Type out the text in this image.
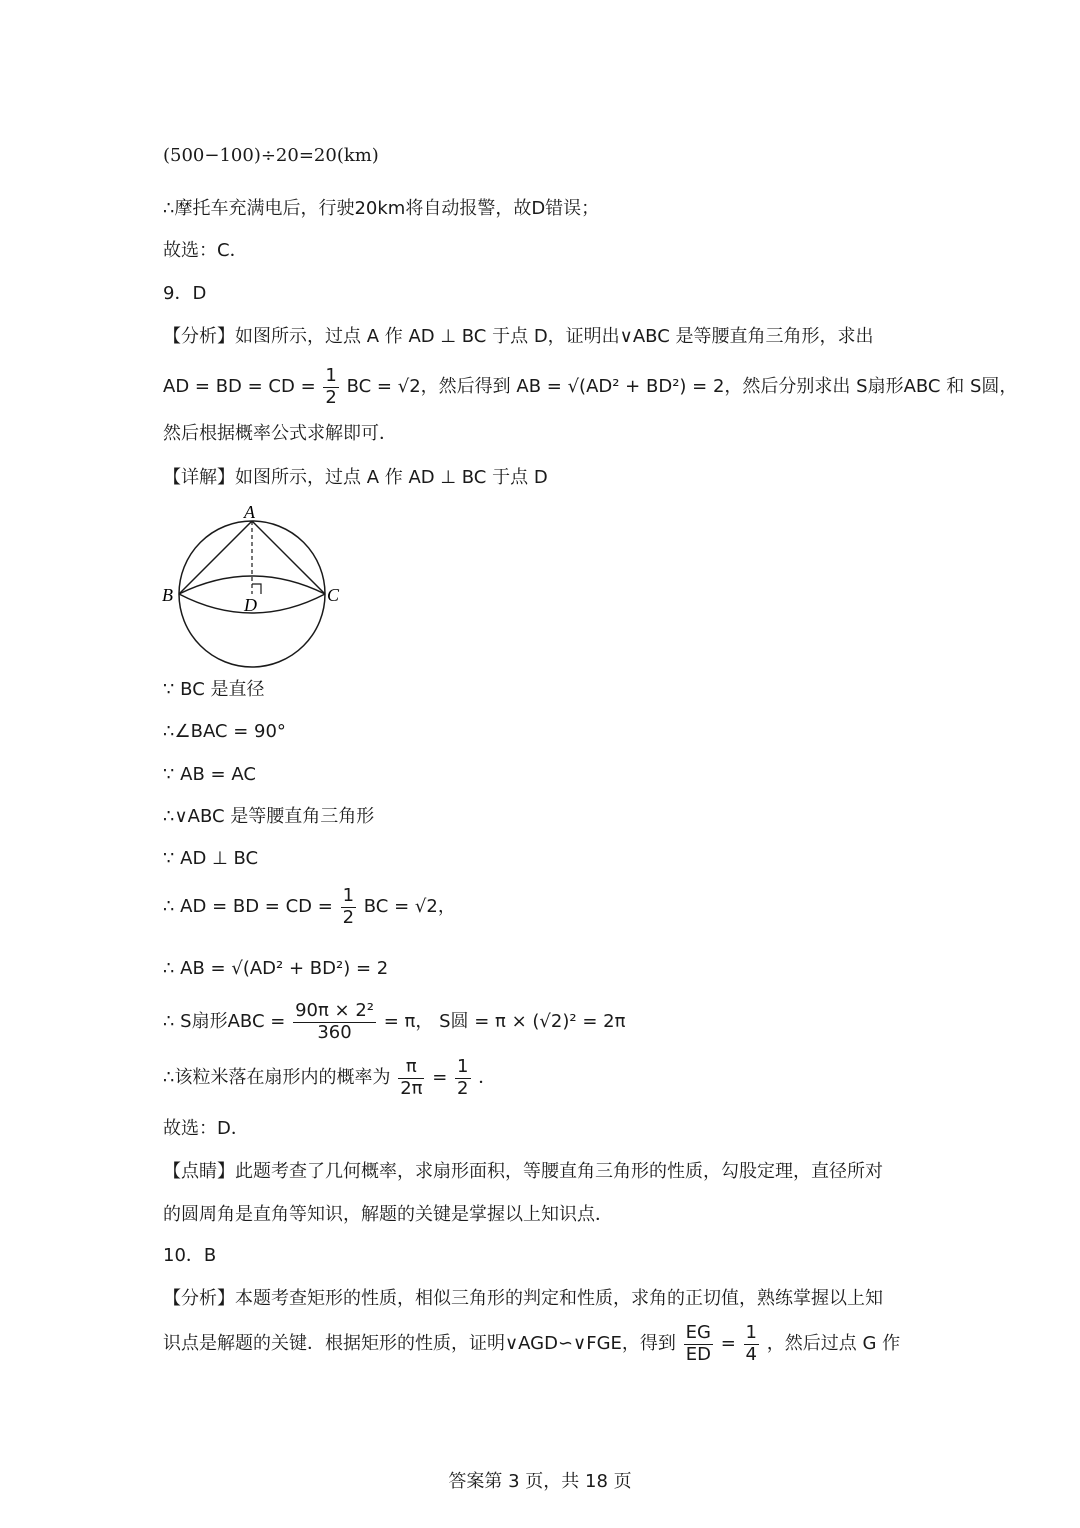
(500−100)÷20=20(km)
∴摩托车充满电后，行驶20km将自动报警，故D错误；
故选：C．
9．D
【分析】如图所示，过点 A 作 AD ⊥ BC 于点 D，证明出∨ABC 是等腰直角三角形，求出
AD = BD = CD = $\frac{1}{2}$ BC = √2，然后得到 AB = √(AD² + BD²) = 2，然后分别求出 S扇形ABC 和 S圆，
然后根据概率公式求解即可．
【详解】如图所示，过点 A 作 AD ⊥ BC 于点 D
A
B	C
D
∵ BC 是直径
∴∠BAC = 90°
∵ AB = AC
∴∨ABC 是等腰直角三角形
∵ AD ⊥ BC
∴ AD = BD = CD = $\frac{1}{2}$ BC = √2，
∴ AB = √(AD² + BD²) = 2
∴ S扇形ABC = $\frac{\text{90π × 2²}}{360} = \pi$， S圆 = π × (√2)² = 2π
∴该粒米落在扇形内的概率为 $\frac{\pi}{2\pi} = \frac{1}{2}$ ．
故选：D．
【点睛】此题考查了几何概率，求扇形面积，等腰直角三角形的性质，勾股定理，直径所对
的圆周角是直角等知识，解题的关键是掌握以上知识点．
10．B
【分析】本题考查矩形的性质，相似三角形的判定和性质，求角的正切值，熟练掌握以上知
识点是解题的关键．根据矩形的性质，证明∨AGD∽∨FGE，得到 $\frac{EG}{ED} = \frac{1}{4}$ ，然后过点 G 作
答案第 3 页，共 18 页
